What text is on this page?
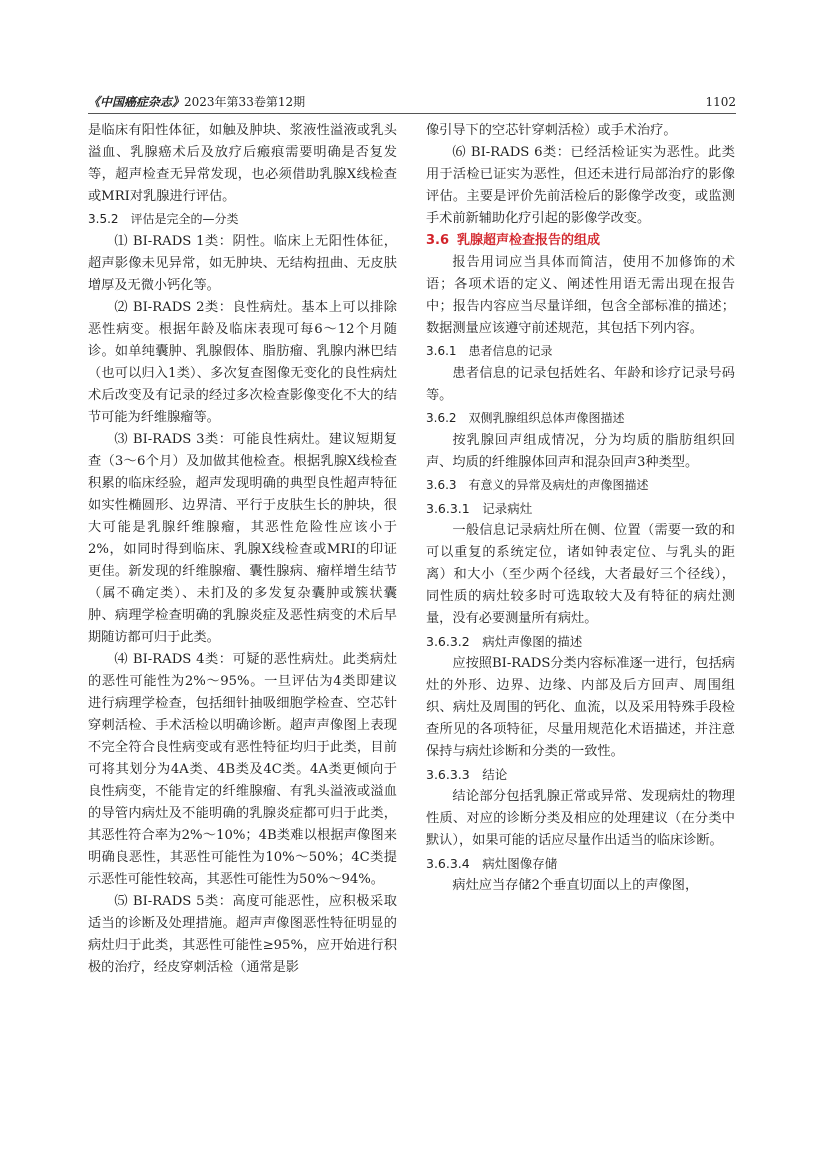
《中国癌症杂志》2023年第33卷第12期	1102

是临床有阳性体征，如触及肿块、浆液性溢液或乳头溢血、乳腺癌术后及放疗后瘢痕需要明确是否复发等，超声检查无异常发现，也必须借助乳腺X线检查或MRI对乳腺进行评估。

3.5.2　评估是完全的—分类

⑴ BI-RADS 1类：阴性。临床上无阳性体征，超声影像未见异常，如无肿块、无结构扭曲、无皮肤增厚及无微小钙化等。

⑵ BI-RADS 2类：良性病灶。基本上可以排除恶性病变。根据年龄及临床表现可每6～12个月随诊。如单纯囊肿、乳腺假体、脂肪瘤、乳腺内淋巴结（也可以归入1类）、多次复查图像无变化的良性病灶术后改变及有记录的经过多次检查影像变化不大的结节可能为纤维腺瘤等。

⑶ BI-RADS 3类：可能良性病灶。建议短期复查（3～6个月）及加做其他检查。根据乳腺X线检查积累的临床经验，超声发现明确的典型良性超声特征如实性椭圆形、边界清、平行于皮肤生长的肿块，很大可能是乳腺纤维腺瘤，其恶性危险性应该小于2%，如同时得到临床、乳腺X线检查或MRI的印证更佳。新发现的纤维腺瘤、囊性腺病、瘤样增生结节（属不确定类）、未扪及的多发复杂囊肿或簇状囊肿、病理学检查明确的乳腺炎症及恶性病变的术后早期随访都可归于此类。

⑷ BI-RADS 4类：可疑的恶性病灶。此类病灶的恶性可能性为2%～95%。一旦评估为4类即建议进行病理学检查，包括细针抽吸细胞学检查、空芯针穿刺活检、手术活检以明确诊断。超声声像图上表现不完全符合良性病变或有恶性特征均归于此类，目前可将其划分为4A类、4B类及4C类。4A类更倾向于良性病变，不能肯定的纤维腺瘤、有乳头溢液或溢血的导管内病灶及不能明确的乳腺炎症都可归于此类，其恶性符合率为2%～10%；4B类难以根据声像图来明确良恶性，其恶性可能性为10%～50%；4C类提示恶性可能性较高，其恶性可能性为50%～94%。

⑸ BI-RADS 5类：高度可能恶性，应积极采取适当的诊断及处理措施。超声声像图恶性特征明显的病灶归于此类，其恶性可能性≥95%，应开始进行积极的治疗，经皮穿刺活检（通常是影

像引导下的空芯针穿刺活检）或手术治疗。

⑹ BI-RADS 6类：已经活检证实为恶性。此类用于活检已证实为恶性，但还未进行局部治疗的影像评估。主要是评价先前活检后的影像学改变，或监测手术前新辅助化疗引起的影像学改变。

3.6 乳腺超声检查报告的组成

报告用词应当具体而简洁，使用不加修饰的术语；各项术语的定义、阐述性用语无需出现在报告中；报告内容应当尽量详细，包含全部标准的描述；数据测量应该遵守前述规范，其包括下列内容。

3.6.1　患者信息的记录

患者信息的记录包括姓名、年龄和诊疗记录号码等。

3.6.2　双侧乳腺组织总体声像图描述

按乳腺回声组成情况，分为均质的脂肪组织回声、均质的纤维腺体回声和混杂回声3种类型。

3.6.3　有意义的异常及病灶的声像图描述

3.6.3.1　记录病灶

一般信息记录病灶所在侧、位置（需要一致的和可以重复的系统定位，诸如钟表定位、与乳头的距离）和大小（至少两个径线，大者最好三个径线），同性质的病灶较多时可选取较大及有特征的病灶测量，没有必要测量所有病灶。

3.6.3.2　病灶声像图的描述

应按照BI-RADS分类内容标准逐一进行，包括病灶的外形、边界、边缘、内部及后方回声、周围组织、病灶及周围的钙化、血流，以及采用特殊手段检查所见的各项特征，尽量用规范化术语描述，并注意保持与病灶诊断和分类的一致性。

3.6.3.3　结论

结论部分包括乳腺正常或异常、发现病灶的物理性质、对应的诊断分类及相应的处理建议（在分类中默认），如果可能的话应尽量作出适当的临床诊断。

3.6.3.4　病灶图像存储

病灶应当存储2个垂直切面以上的声像图，
